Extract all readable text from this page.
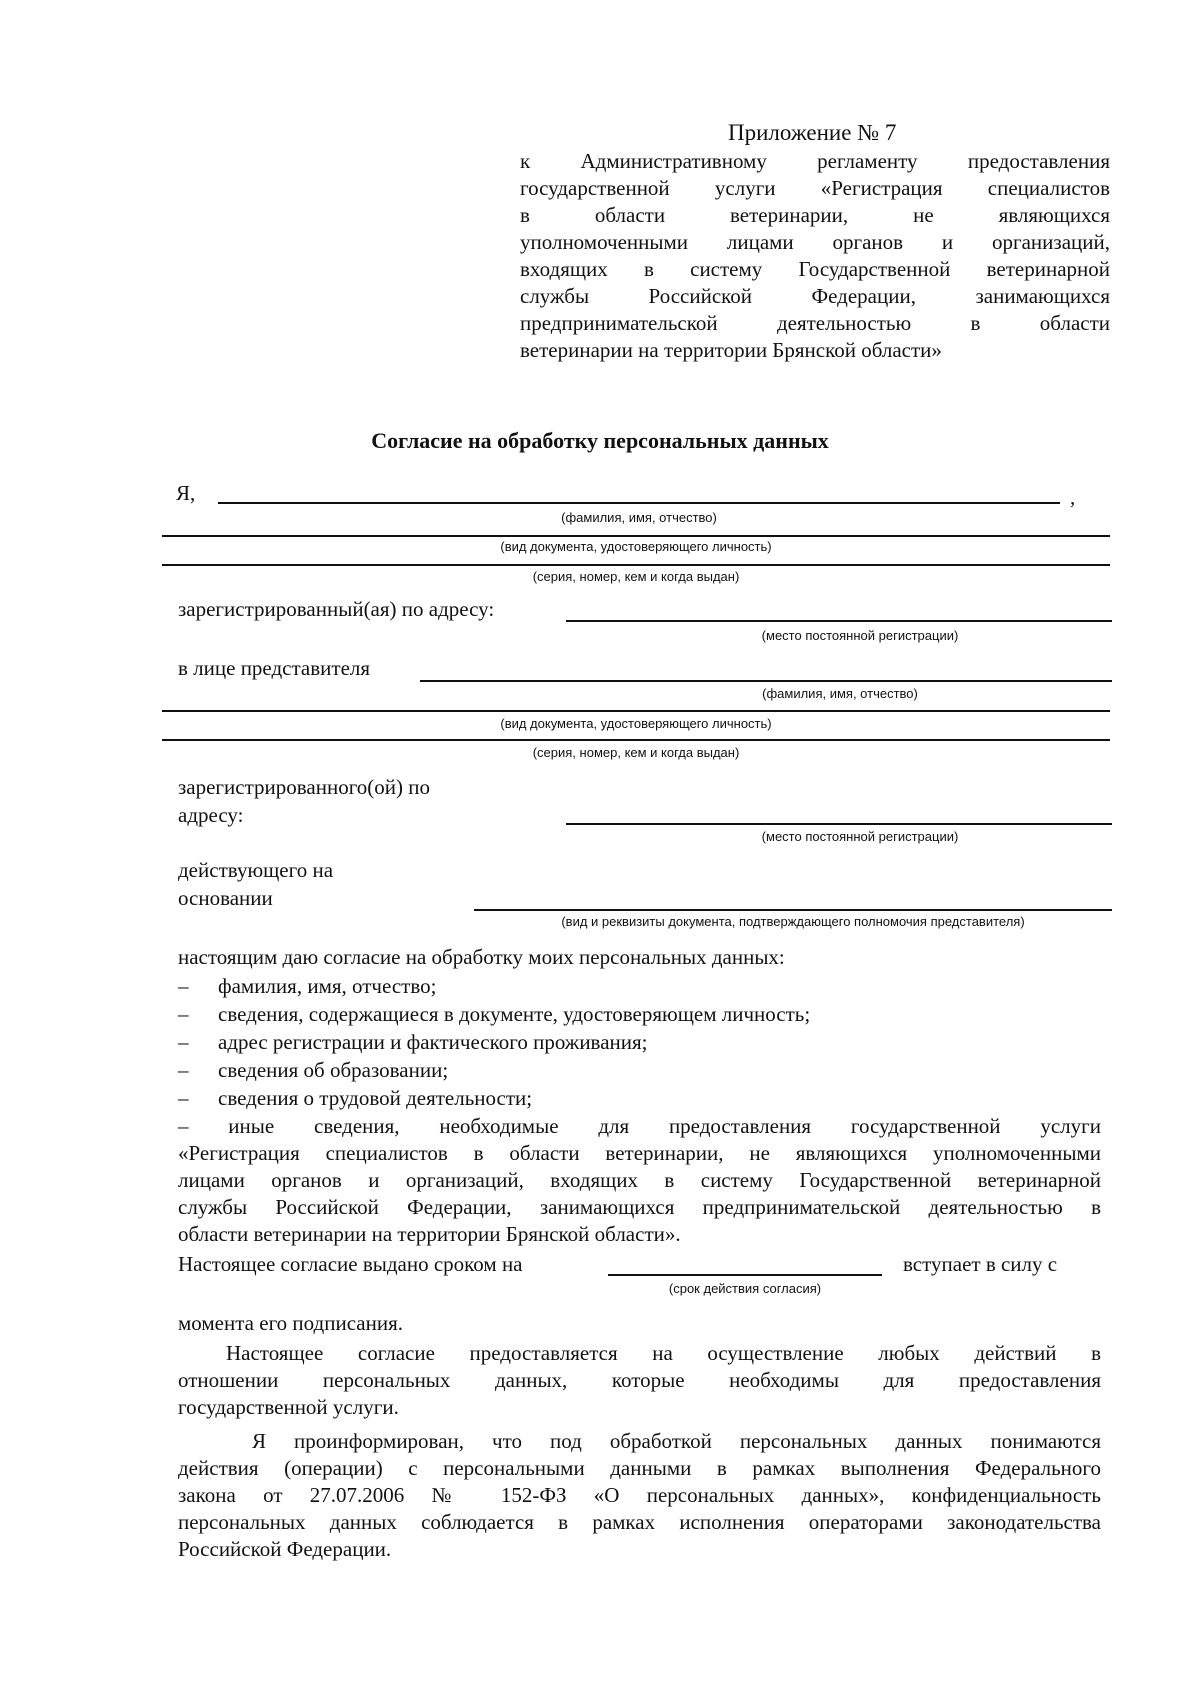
Приложение № 7
к Административному регламенту предоставления
государственной услуги «Регистрация специалистов
в области ветеринарии, не являющихся
уполномоченными лицами органов и организаций,
входящих в систему Государственной ветеринарной
службы Российской Федерации, занимающихся
предпринимательской деятельностью в области
ветеринарии на территории Брянской области»
Согласие на обработку персональных данных
Я,	,
(фамилия, имя, отчество)
(вид документа, удостоверяющего личность)
(серия, номер, кем и когда выдан)
зарегистрированный(ая) по адресу:
(место постоянной регистрации)
в лице представителя
(фамилия, имя, отчество)
(вид документа, удостоверяющего личность)
(серия, номер, кем и когда выдан)
зарегистрированного(ой) по
адресу:
(место постоянной регистрации)
действующего на
основании
(вид и реквизиты документа, подтверждающего полномочия представителя)
настоящим даю согласие на обработку моих персональных данных:
– фамилия, имя, отчество;
– сведения, содержащиеся в документе, удостоверяющем личность;
– адрес регистрации и фактического проживания;
– сведения об образовании;
– сведения о трудовой деятельности;
– иные сведения, необходимые для предоставления государственной услуги
«Регистрация специалистов в области ветеринарии, не являющихся уполномоченными
лицами органов и организаций, входящих в систему Государственной ветеринарной
службы Российской Федерации, занимающихся предпринимательской деятельностью в
области ветеринарии на территории Брянской области».
Настоящее согласие выдано сроком на	вступает в силу с
(срок действия согласия)
момента его подписания.
Настоящее согласие предоставляется на осуществление любых действий в
отношении персональных данных, которые необходимы для предоставления
государственной услуги.
Я проинформирован, что под обработкой персональных данных понимаются
действия (операции) с персональными данными в рамках выполнения Федерального
закона от 27.07.2006 № 152-ФЗ «О персональных данных», конфиденциальность
персональных данных соблюдается в рамках исполнения операторами законодательства
Российской Федерации.
